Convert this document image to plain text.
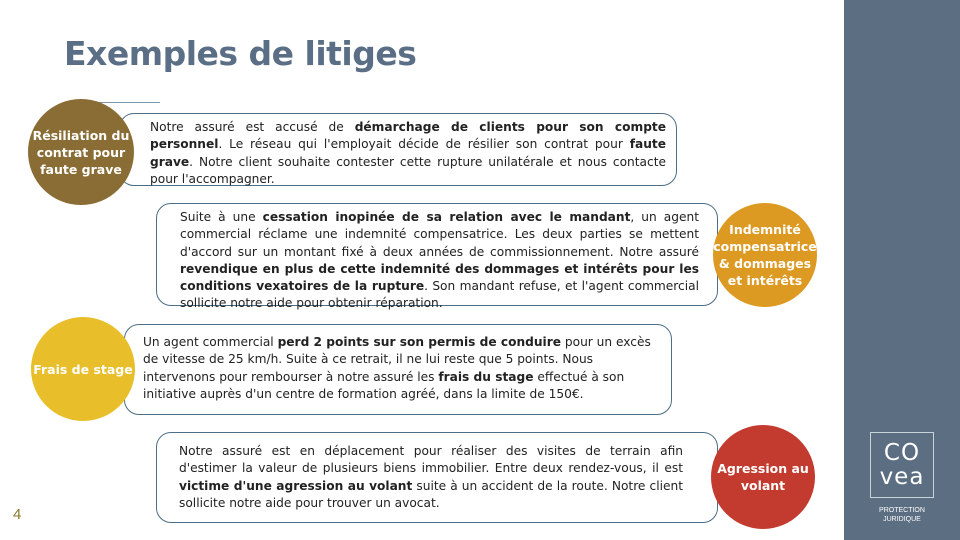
Exemples de litiges
Notre assuré est accusé de démarchage de clients pour son compte personnel. Le réseau qui l'employait décide de résilier son contrat pour faute grave. Notre client souhaite contester cette rupture unilatérale et nous contacte pour l'accompagner.
Résiliation du contrat pour faute grave
Suite à une cessation inopinée de sa relation avec le mandant, un agent commercial réclame une indemnité compensatrice. Les deux parties se mettent d'accord sur un montant fixé à deux années de commissionnement. Notre assuré revendique en plus de cette indemnité des dommages et intérêts pour les conditions vexatoires de la rupture. Son mandant refuse, et l'agent commercial sollicite notre aide pour obtenir réparation.
Indemnité compensatrice & dommages et intérêts
Un agent commercial perd 2 points sur son permis de conduire pour un excès de vitesse de 25 km/h. Suite à ce retrait, il ne lui reste que 5 points. Nous intervenons pour rembourser à notre assuré les frais du stage effectué à son initiative auprès d'un centre de formation agréé, dans la limite de 150€.
Frais de stage
Notre assuré est en déplacement pour réaliser des visites de terrain afin d'estimer la valeur de plusieurs biens immobilier. Entre deux rendez-vous, il est victime d'une agression au volant suite à un accident de la route. Notre client sollicite notre aide pour trouver un avocat.
Agression au volant
4
CO
vea
PROTECTION
JURIDIQUE
